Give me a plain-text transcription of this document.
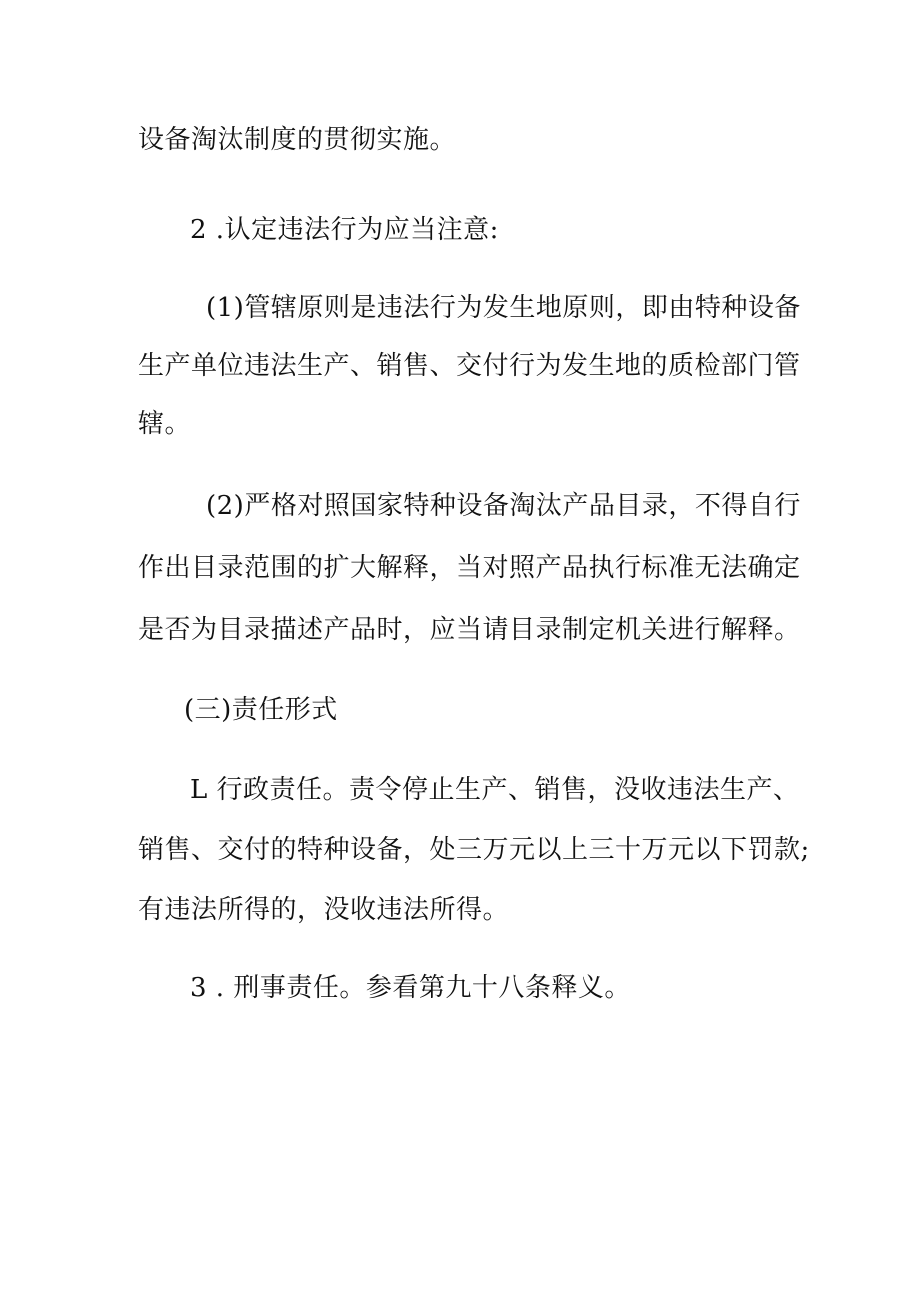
设备淘汰制度的贯彻实施。
2 .认定违法行为应当注意:
(1)管辖原则是违法行为发生地原则，即由特种设备
生产单位违法生产、销售、交付行为发生地的质检部门管
辖。
(2)严格对照国家特种设备淘汰产品目录，不得自行
作出目录范围的扩大解释，当对照产品执行标准无法确定
是否为目录描述产品时，应当请目录制定机关进行解释。
(三)责任形式
L 行政责任。责令停止生产、销售，没收违法生产、
销售、交付的特种设备，处三万元以上三十万元以下罚款;
有违法所得的，没收违法所得。
3 . 刑事责任。参看第九十八条释义。
